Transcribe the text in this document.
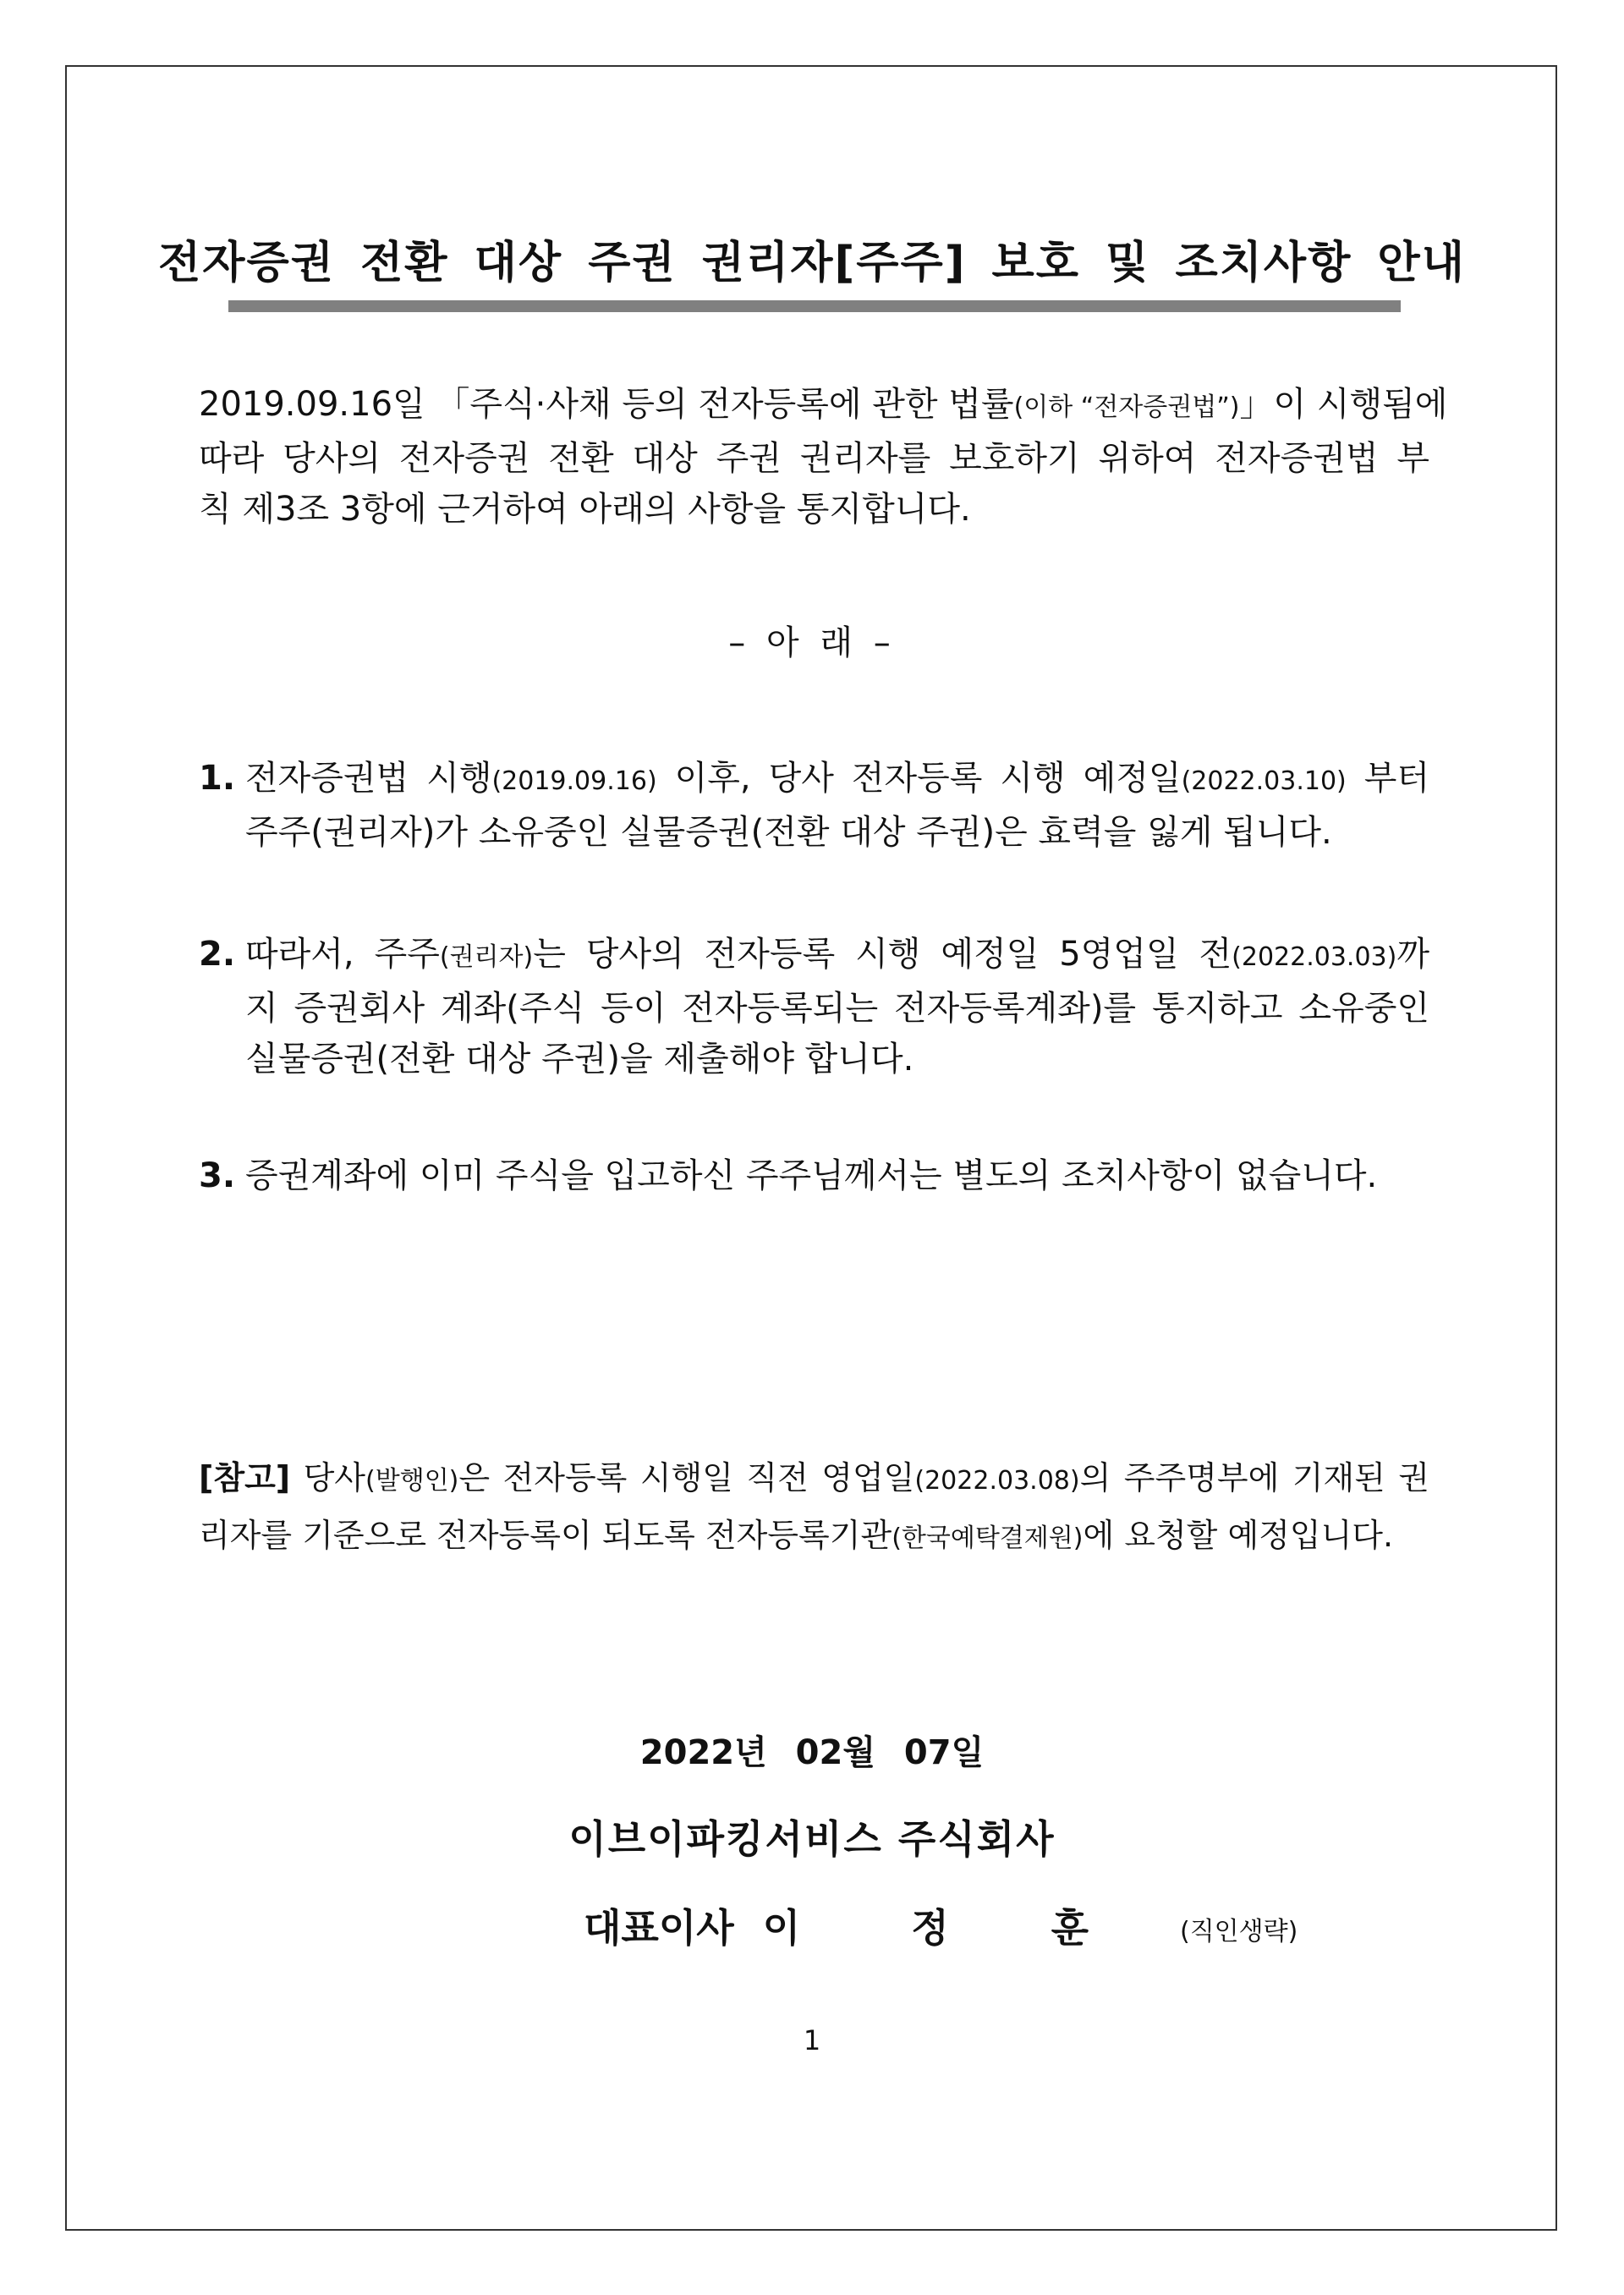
전자증권 전환 대상 주권 권리자[주주] 보호 및 조치사항 안내
2019.09.16일 「주식·사채 등의 전자등록에 관한 법률(이하 “전자증권법”)」이 시행됨에
따라 당사의 전자증권 전환 대상 주권 권리자를 보호하기 위하여 전자증권법 부
칙 제3조 3항에 근거하여 아래의 사항을 통지합니다.
– 아 래 –
1. 전자증권법 시행(2019.09.16) 이후, 당사 전자등록 시행 예정일(2022.03.10) 부터
주주(권리자)가 소유중인 실물증권(전환 대상 주권)은 효력을 잃게 됩니다.
2. 따라서, 주주(권리자)는 당사의 전자등록 시행 예정일 5영업일 전(2022.03.03)까
지 증권회사 계좌(주식 등이 전자등록되는 전자등록계좌)를 통지하고 소유중인
실물증권(전환 대상 주권)을 제출해야 합니다.
3. 증권계좌에 이미 주식을 입고하신 주주님께서는 별도의 조치사항이 없습니다.
[참고] 당사(발행인)은 전자등록 시행일 직전 영업일(2022.03.08)의 주주명부에 기재된 권
리자를 기준으로 전자등록이 되도록 전자등록기관(한국예탁결제원)에 요청할 예정입니다.
2022년 02월 07일
이브이파킹서비스 주식회사
대표이사 이	정	훈	(직인생략)
1
